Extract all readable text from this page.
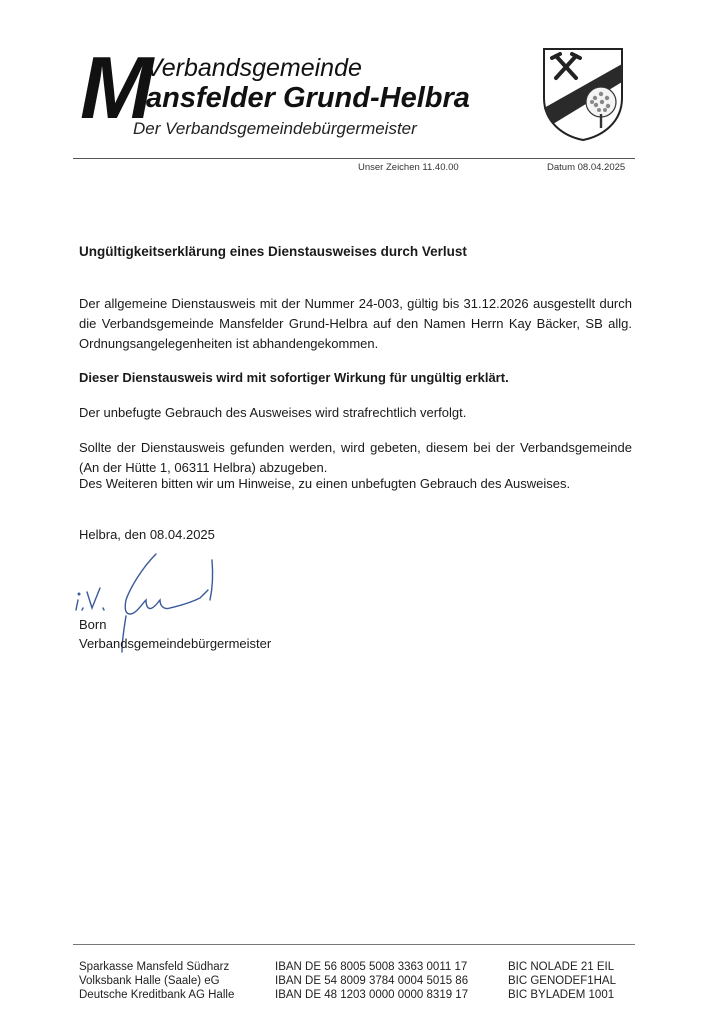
M
Verbandsgemeinde
ansfelder Grund-Helbra
Der Verbandsgemeindebürgermeister
Unser Zeichen 11.40.00	Datum 08.04.2025
Ungültigkeitserklärung eines Dienstausweises durch Verlust
Der allgemeine Dienstausweis mit der Nummer 24-003, gültig bis 31.12.2026 ausgestellt durch die Verbandsgemeinde Mansfelder Grund-Helbra auf den Namen Herrn Kay Bäcker, SB allg. Ordnungsangelegenheiten ist abhandengekommen.
Dieser Dienstausweis wird mit sofortiger Wirkung für ungültig erklärt.
Der unbefugte Gebrauch des Ausweises wird strafrechtlich verfolgt.
Sollte der Dienstausweis gefunden werden, wird gebeten, diesem bei der Verbandsgemeinde (An der Hütte 1, 06311 Helbra) abzugeben.
Des Weiteren bitten wir um Hinweise, zu einen unbefugten Gebrauch des Ausweises.
Helbra, den 08.04.2025
Born
Verbandsgemeindebürgermeister
Sparkasse Mansfeld Südharz
Volksbank Halle (Saale) eG
Deutsche Kreditbank AG Halle
IBAN DE 56 8005 5008 3363 0011 17
IBAN DE 54 8009 3784 0004 5015 86
IBAN DE 48 1203 0000 0000 8319 17
BIC NOLADE 21 EIL
BIC GENODEF1HAL
BIC BYLADEM 1001
